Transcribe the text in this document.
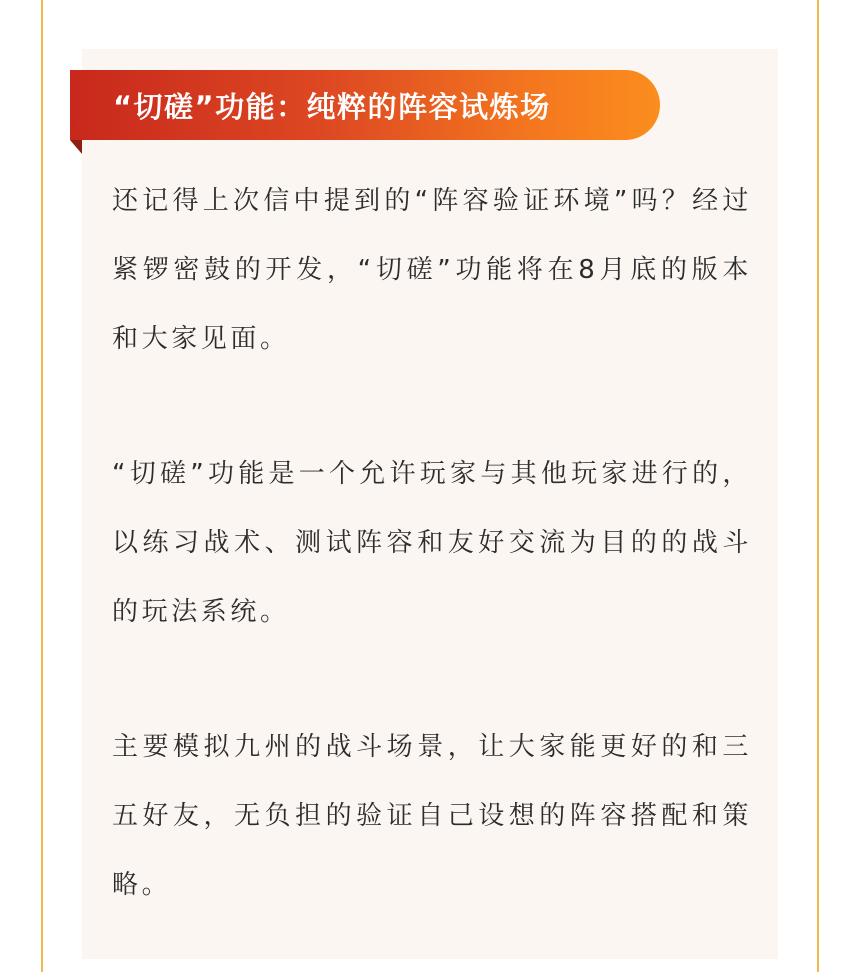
“切磋”功能：纯粹的阵容试炼场

还记得上次信中提到的“阵容验证环境”吗？经过紧锣密鼓的开发，“切磋”功能将在8月底的版本和大家见面。

“切磋”功能是一个允许玩家与其他玩家进行的，以练习战术、测试阵容和友好交流为目的的战斗的玩法系统。

主要模拟九州的战斗场景，让大家能更好的和三五好友，无负担的验证自己设想的阵容搭配和策略。
